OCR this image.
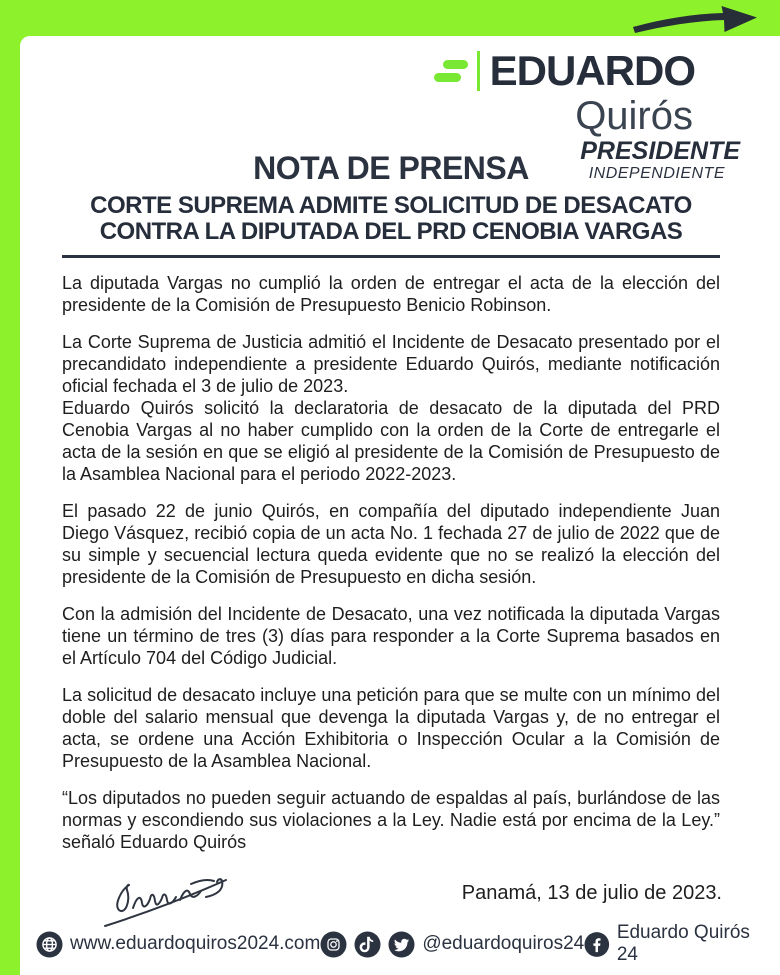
EDUARDO
Quirós
PRESIDENTE
INDEPENDIENTE
NOTA DE PRENSA
CORTE SUPREMA ADMITE SOLICITUD DE DESACATO
CONTRA LA DIPUTADA DEL PRD CENOBIA VARGAS

La diputada Vargas no cumplió la orden de entregar el acta de la elección del presidente de la Comisión de Presupuesto Benicio Robinson.

La Corte Suprema de Justicia admitió el Incidente de Desacato presentado por el precandidato independiente a presidente Eduardo Quirós, mediante notificación oficial fechada el 3 de julio de 2023.

Eduardo Quirós solicitó la declaratoria de desacato de la diputada del PRD Cenobia Vargas al no haber cumplido con la orden de la Corte de entregarle el acta de la sesión en que se eligió al presidente de la Comisión de Presupuesto de la Asamblea Nacional para el periodo 2022-2023.

El pasado 22 de junio Quirós, en compañía del diputado independiente Juan Diego Vásquez, recibió copia de un acta No. 1 fechada 27 de julio de 2022 que de su simple y secuencial lectura queda evidente que no se realizó la elección del presidente de la Comisión de Presupuesto en dicha sesión.

Con la admisión del Incidente de Desacato, una vez notificada la diputada Vargas tiene un término de tres (3) días para responder a la Corte Suprema basados en el Artículo 704 del Código Judicial.

La solicitud de desacato incluye una petición para que se multe con un mínimo del doble del salario mensual que devenga la diputada Vargas y, de no entregar el acta, se ordene una Acción Exhibitoria o Inspección Ocular a la Comisión de Presupuesto de la Asamblea Nacional.

“Los diputados no pueden seguir actuando de espaldas al país, burlándose de las normas y escondiendo sus violaciones a la Ley. Nadie está por encima de la Ley.” señaló Eduardo Quirós

Panamá, 13 de julio de 2023.
www.eduardoquiros2024.com	@eduardoquiros24
Eduardo Quirós 24
